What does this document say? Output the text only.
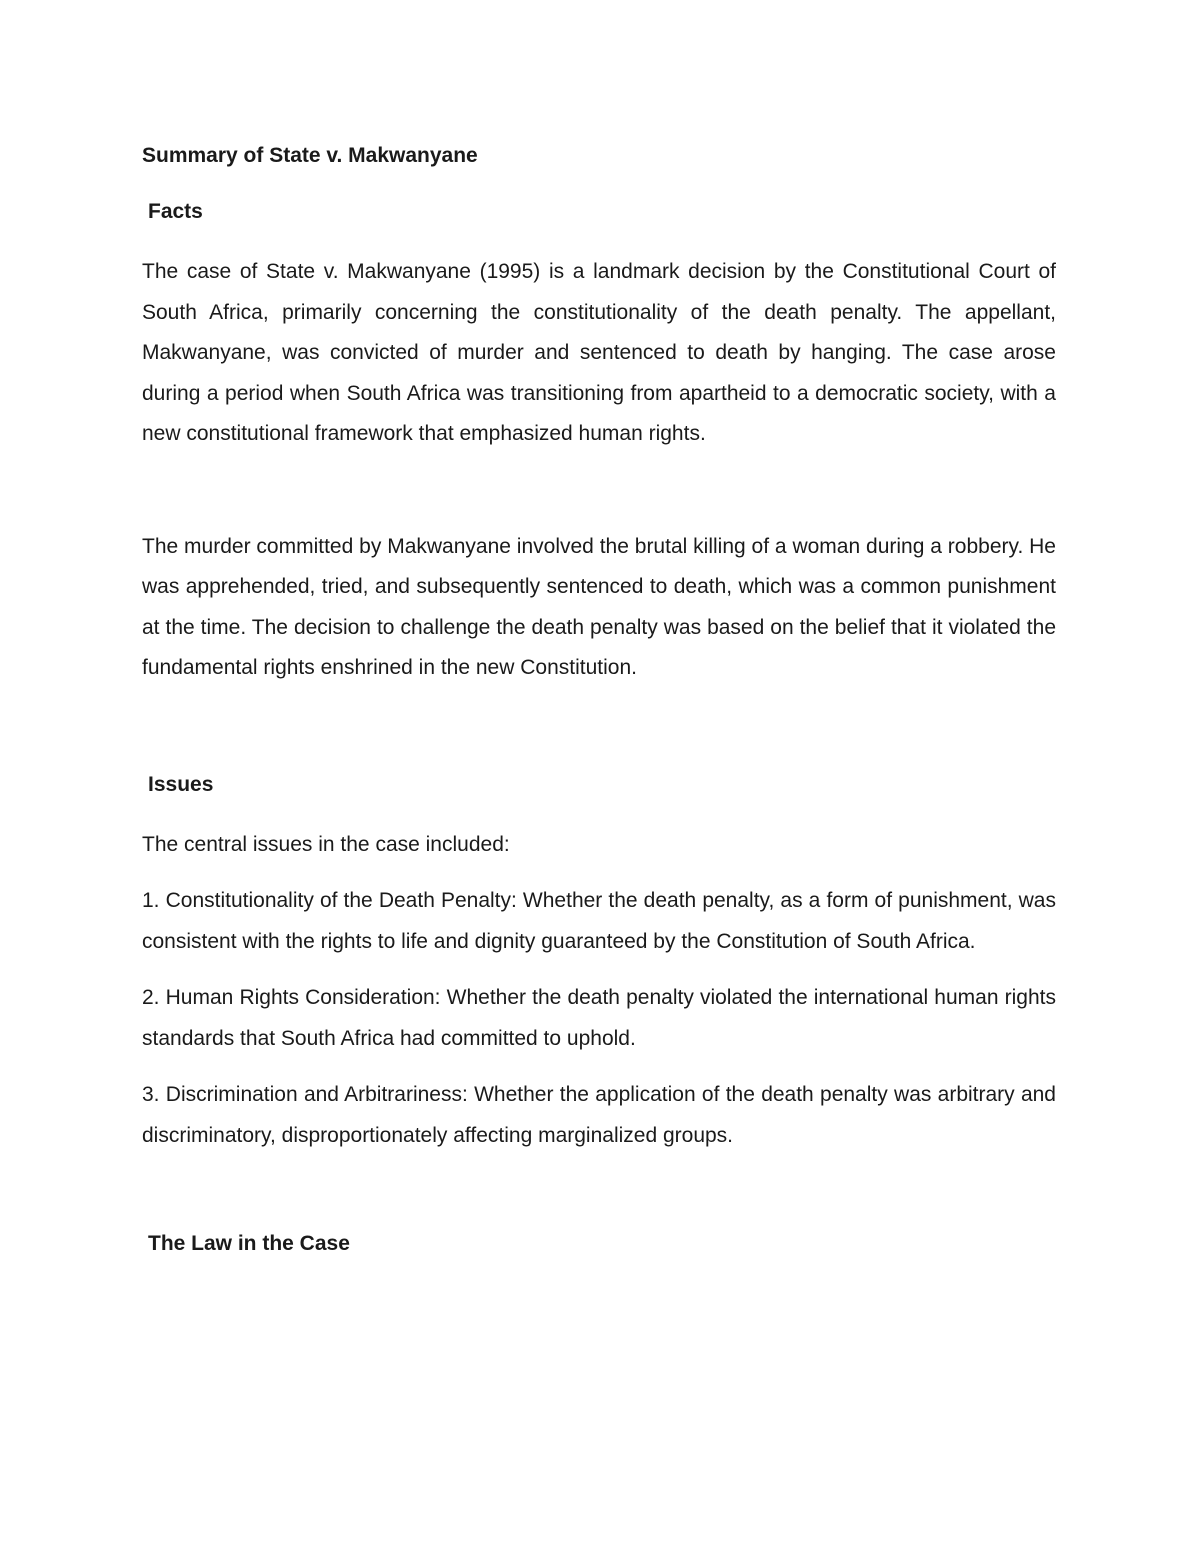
Summary of State v. Makwanyane
Facts

The case of State v. Makwanyane (1995) is a landmark decision by the Constitutional Court of South Africa, primarily concerning the constitutionality of the death penalty. The appellant, Makwanyane, was convicted of murder and sentenced to death by hanging. The case arose during a period when South Africa was transitioning from apartheid to a democratic society, with a new constitutional framework that emphasized human rights.

The murder committed by Makwanyane involved the brutal killing of a woman during a robbery. He was apprehended, tried, and subsequently sentenced to death, which was a common punishment at the time. The decision to challenge the death penalty was based on the belief that it violated the fundamental rights enshrined in the new Constitution.

Issues

The central issues in the case included:

1. Constitutionality of the Death Penalty: Whether the death penalty, as a form of punishment, was consistent with the rights to life and dignity guaranteed by the Constitution of South Africa.

2. Human Rights Consideration: Whether the death penalty violated the international human rights standards that South Africa had committed to uphold.

3. Discrimination and Arbitrariness: Whether the application of the death penalty was arbitrary and discriminatory, disproportionately affecting marginalized groups.

The Law in the Case
